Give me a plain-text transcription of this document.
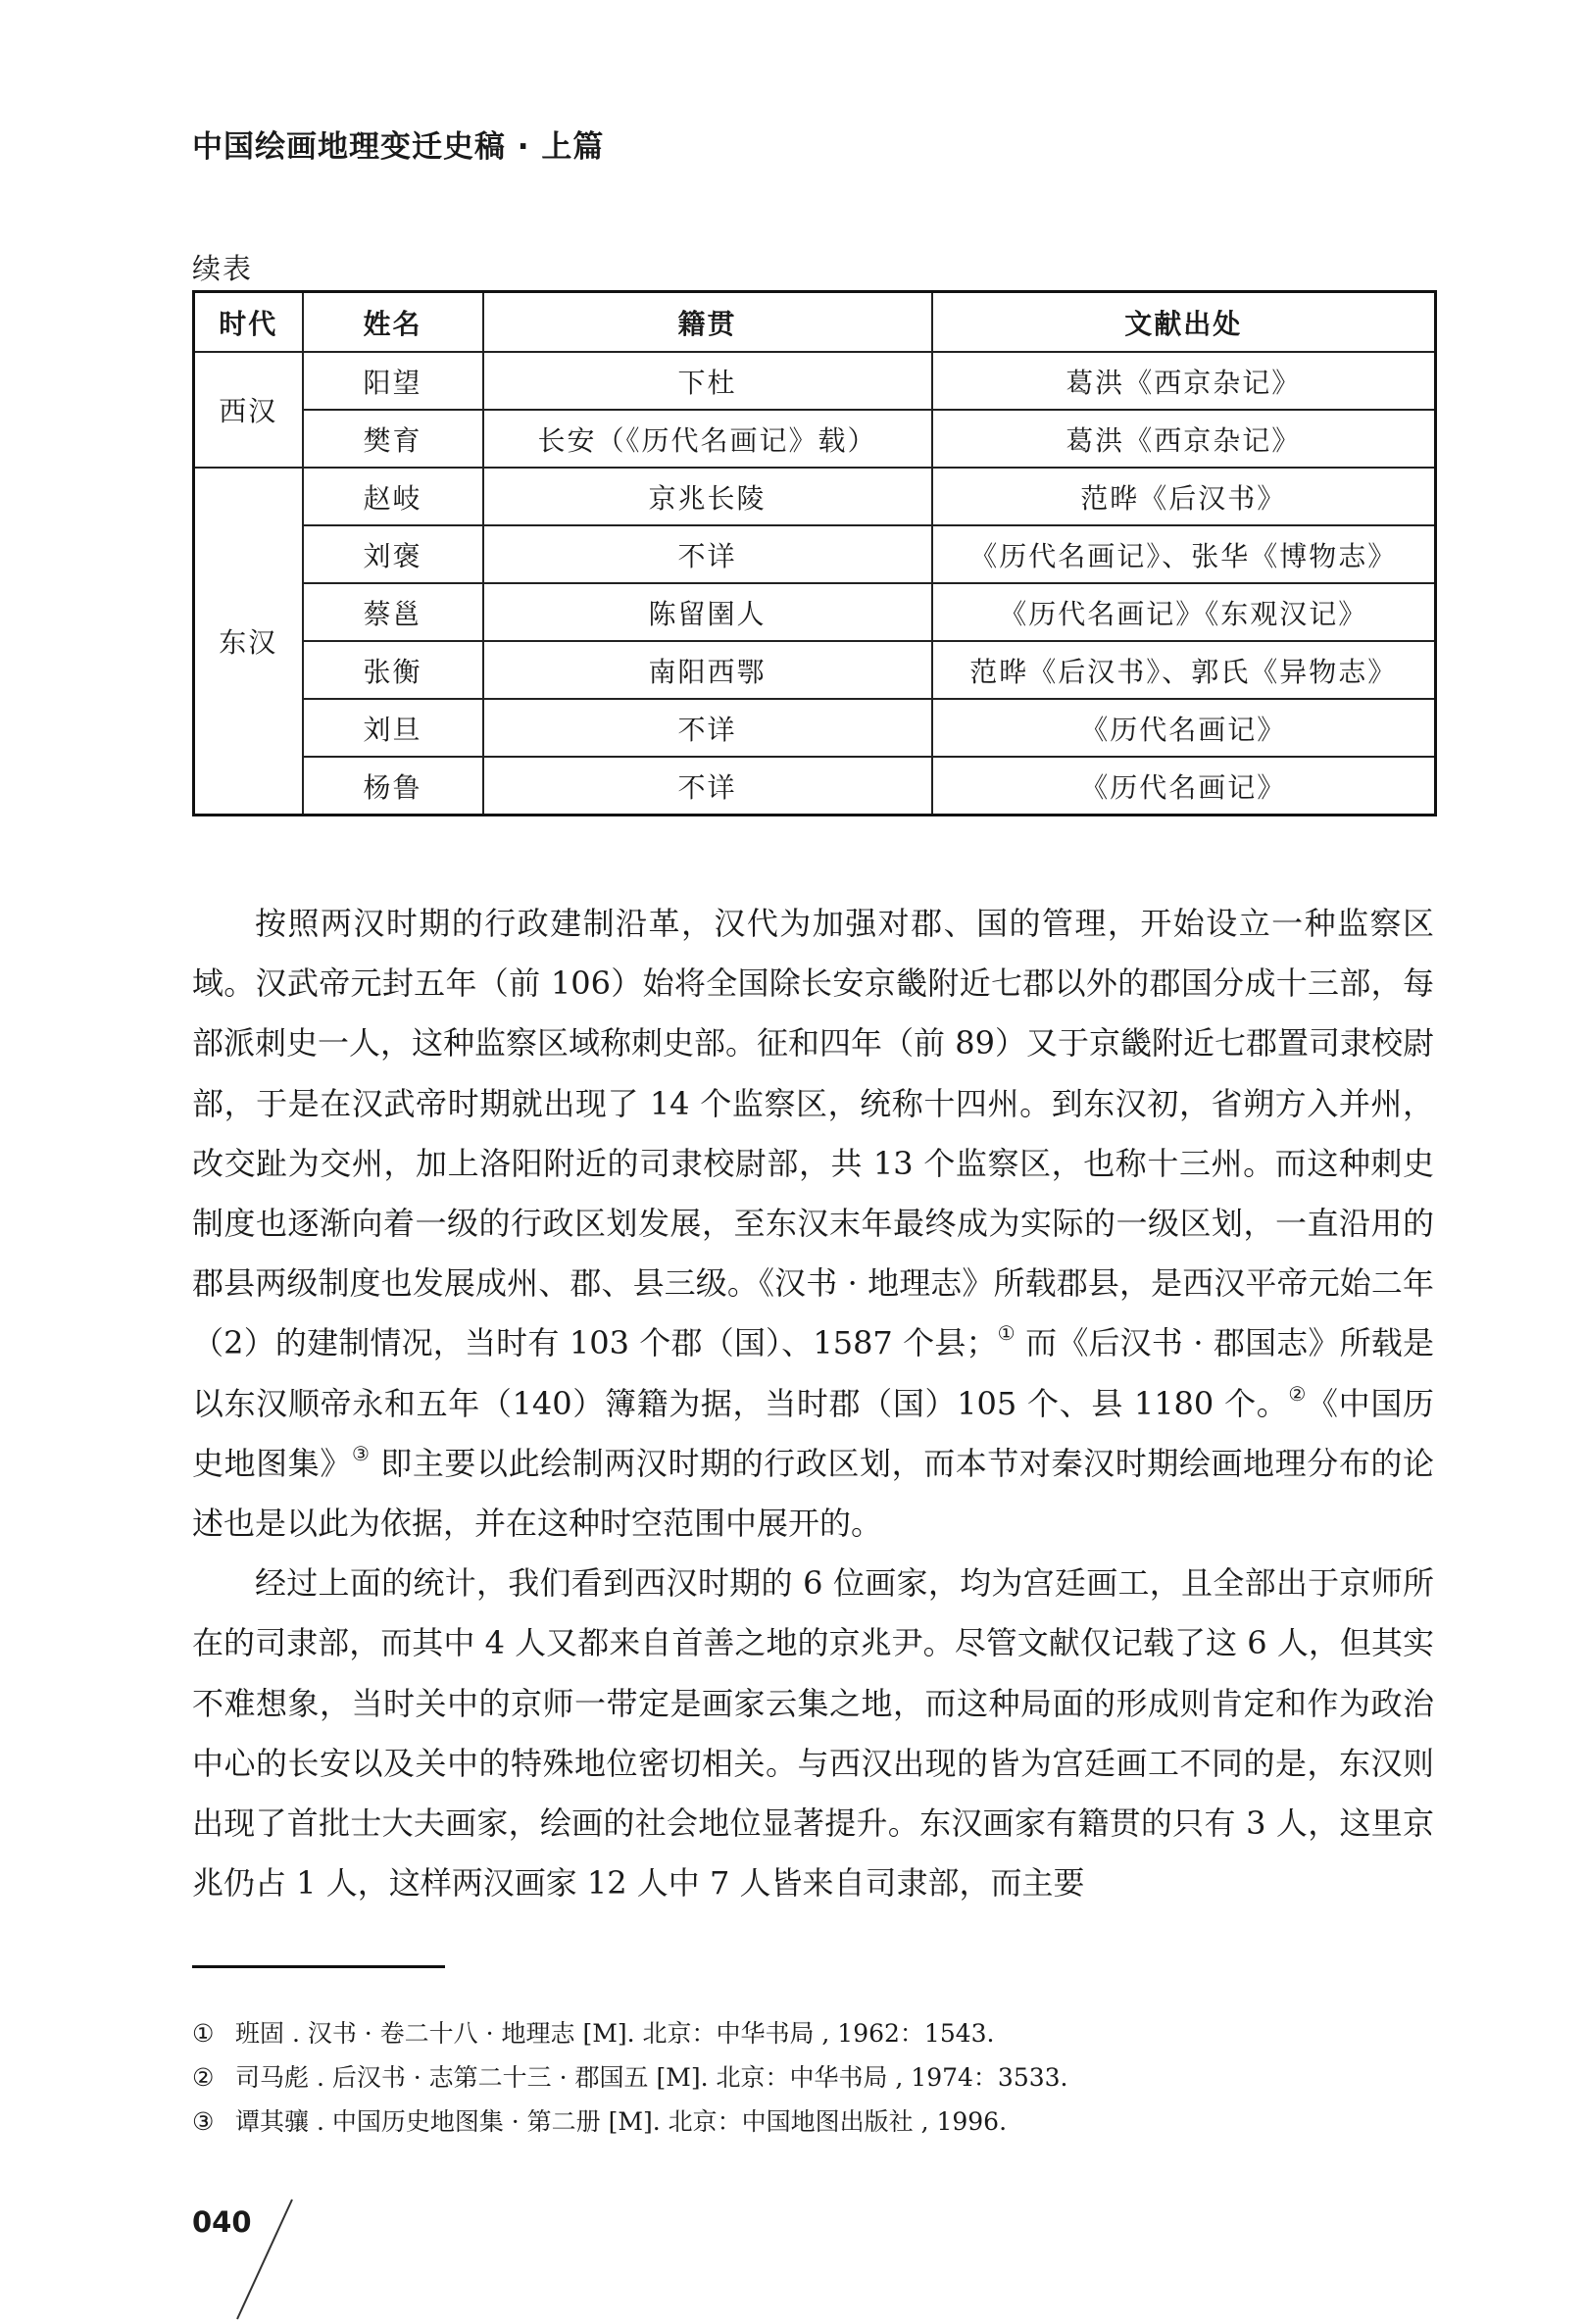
中国绘画地理变迁史稿 · 上篇
续表
时代	姓名	籍贯	文献出处
西汉	阳望	下杜	葛洪《西京杂记》
	樊育	长安（《历代名画记》载）	葛洪《西京杂记》
东汉	赵岐	京兆长陵	范晔《后汉书》
	刘褒	不详	《历代名画记》、张华《博物志》
	蔡邕	陈留圉人	《历代名画记》《东观汉记》
	张衡	南阳西鄂	范晔《后汉书》、郭氏《异物志》
	刘旦	不详	《历代名画记》
	杨鲁	不详	《历代名画记》

按照两汉时期的行政建制沿革，汉代为加强对郡、国的管理，开始设立一种监察区域。汉武帝元封五年（前 106）始将全国除长安京畿附近七郡以外的郡国分成十三部，每部派刺史一人，这种监察区域称刺史部。征和四年（前 89）又于京畿附近七郡置司隶校尉部，于是在汉武帝时期就出现了 14 个监察区，统称十四州。到东汉初，省朔方入并州，改交趾为交州，加上洛阳附近的司隶校尉部，共 13 个监察区，也称十三州。而这种刺史制度也逐渐向着一级的行政区划发展，至东汉末年最终成为实际的一级区划，一直沿用的郡县两级制度也发展成州、郡、县三级。《汉书 · 地理志》所载郡县，是西汉平帝元始二年（2）的建制情况，当时有 103 个郡（国）、1587 个县；① 而《后汉书 · 郡国志》所载是以东汉顺帝永和五年（140）簿籍为据，当时郡（国）105 个、县 1180 个。②《中国历史地图集》③ 即主要以此绘制两汉时期的行政区划，而本节对秦汉时期绘画地理分布的论述也是以此为依据，并在这种时空范围中展开的。

经过上面的统计，我们看到西汉时期的 6 位画家，均为宫廷画工，且全部出于京师所在的司隶部，而其中 4 人又都来自首善之地的京兆尹。尽管文献仅记载了这 6 人，但其实不难想象，当时关中的京师一带定是画家云集之地，而这种局面的形成则肯定和作为政治中心的长安以及关中的特殊地位密切相关。与西汉出现的皆为宫廷画工不同的是，东汉则出现了首批士大夫画家，绘画的社会地位显著提升。东汉画家有籍贯的只有 3 人，这里京兆仍占 1 人，这样两汉画家 12 人中 7 人皆来自司隶部，而主要

① 班固 . 汉书 · 卷二十八 · 地理志 [M]. 北京：中华书局 , 1962：1543.
② 司马彪 . 后汉书 · 志第二十三 · 郡国五 [M]. 北京：中华书局 , 1974：3533.
③ 谭其骧 . 中国历史地图集 · 第二册 [M]. 北京：中国地图出版社 , 1996.
040
